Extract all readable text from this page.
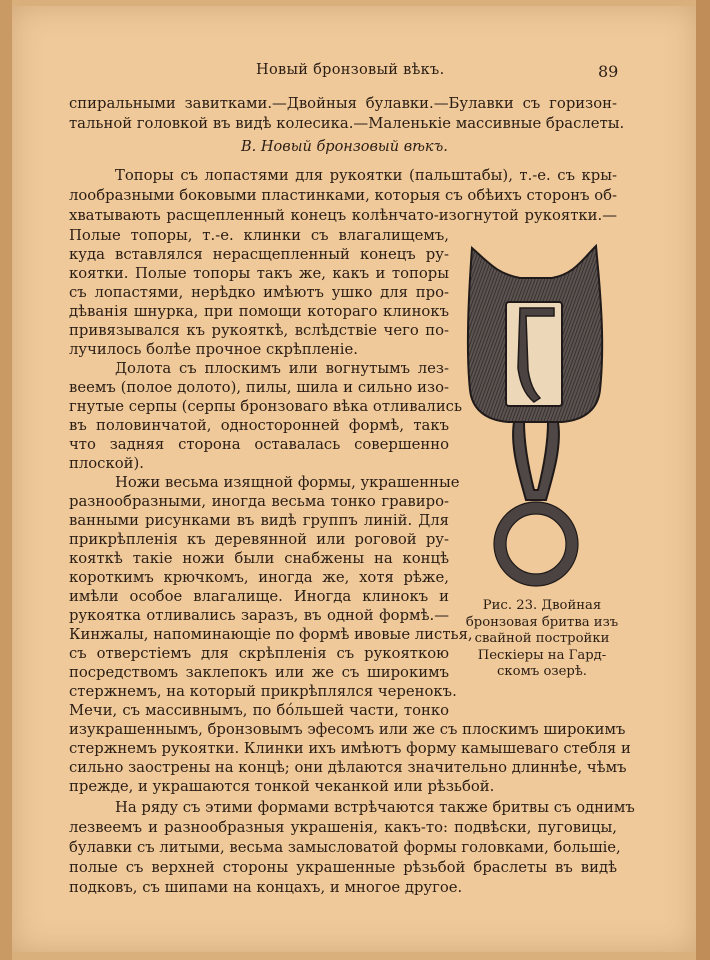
Новый бронзовый вѣкъ.	89
спиральными завитками.—Двойныя булавки.—Булавки съ горизон-
тальной головкой въ видѣ колесика.—Маленькiе массивные браслеты.
B. Новый бронзовый вѣкъ.
Топоры съ лопастями для рукоятки (пальштабы), т.-е. съ кры-
лообразными боковыми пластинками, которыя съ обѣихъ сторонъ об-
хватывають расщепленный конецъ колѣнчато-изогнутой рукоятки.—
Полые топоры, т.-е. клинки съ влагалищемъ,
куда вставлялся нерасщепленный конецъ ру-
коятки. Полые топоры такъ же, какъ и топоры
съ лопастями, нерѣдко имѣютъ ушко для про-
дѣванiя шнурка, при помощи котораго клинокъ
привязывался къ рукояткѣ, вслѣдствiе чего по-
лучилось болѣе прочное скрѣпленiе.
Долота съ плоскимъ или вогнутымъ лез-
веемъ (полое долото), пилы, шила и сильно изо-
гнутые серпы (серпы бронзоваго вѣка отливались
въ половинчатой, односторонней формѣ, такъ
что задняя сторона оставалась совершенно
плоской).
Ножи весьма изящной формы, украшенные
разнообразными, иногда весьма тонко гравиро-
ванными рисунками въ видѣ группъ линiй. Для
прикрѣпленiя къ деревянной или роговой ру-
кояткѣ такiе ножи были снабжены на концѣ
короткимъ крючкомъ, иногда же, хотя рѣже,
имѣли особое влагалище. Иногда клинокъ и
рукоятка отливались заразъ, въ одной формѣ.—
Кинжалы, напоминающiе по формѣ ивовые листья,
съ отверстiемъ для скрѣпленiя съ рукояткою
посредствомъ заклепокъ или же съ широкимъ
стержнемъ, на который прикрѣплялся черенокъ.
Мечи, съ массивнымъ, по бóльшей части, тонко
изукрашеннымъ, бронзовымъ эфесомъ или же съ плоскимъ широкимъ
стержнемъ рукоятки. Клинки ихъ имѣютъ форму камышеваго стебля и
сильно заострены на концѣ; они дѣлаются значительно длиннѣе, чѣмъ
прежде, и украшаются тонкой чеканкой или рѣзьбой.
На ряду съ этими формами встрѣчаются также бритвы съ однимъ
лезвеемъ и разнообразныя украшенiя, какъ-то: подвѣски, пуговицы,
булавки съ литыми, весьма замысловатой формы головками, большiе,
полые съ верхней стороны украшенные рѣзьбой браслеты въ видѣ
подковъ, съ шипами на концахъ, и многое другое.
Рис. 23. Двойная
бронзовая бритва изъ
свайной постройки
Пескiеры на Гард-
скомъ озерѣ.
